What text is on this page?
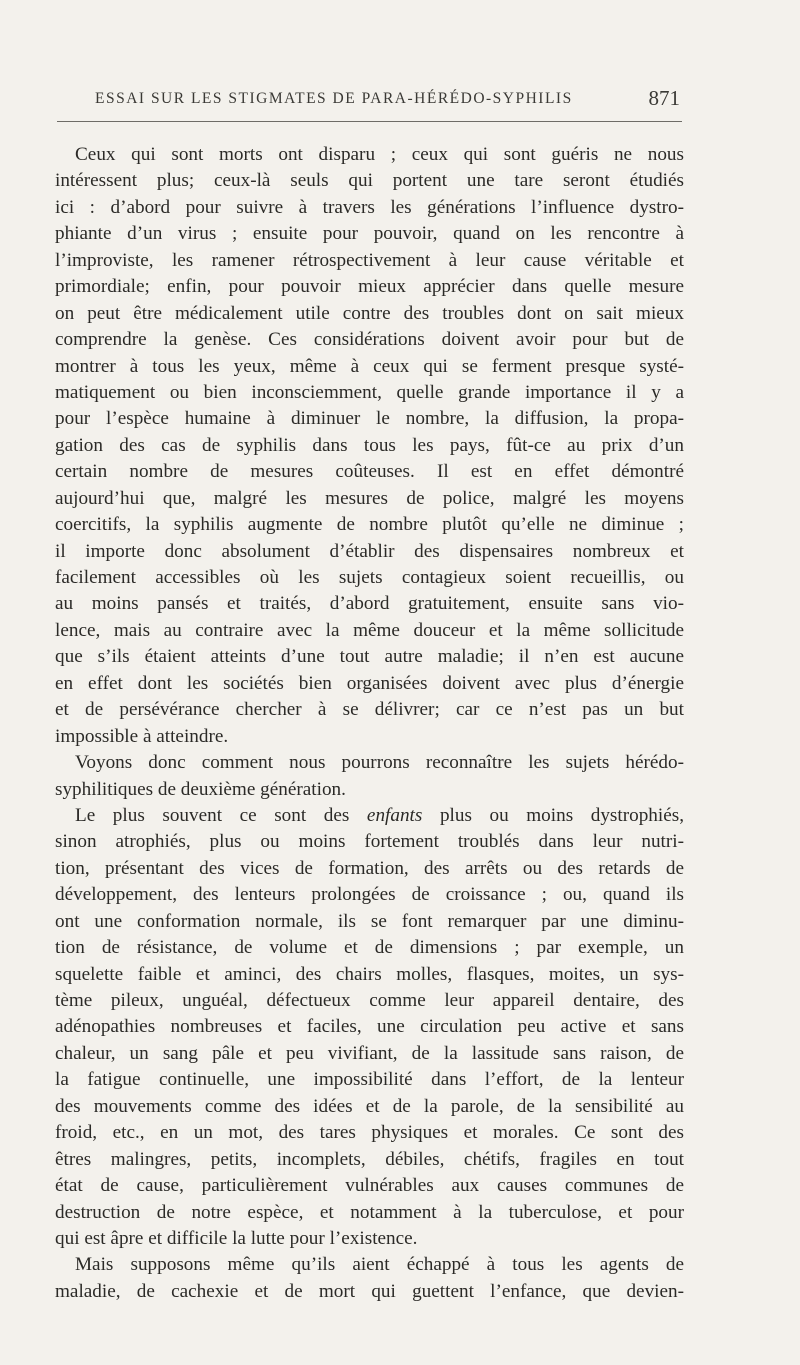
ESSAI SUR LES STIGMATES DE PARA-HÉRÉDO-SYPHILIS	871
Ceux qui sont morts ont disparu ; ceux qui sont guéris ne nous
intéressent plus; ceux-là seuls qui portent une tare seront étudiés
ici : d’abord pour suivre à travers les générations l’influence dystro-
phiante d’un virus ; ensuite pour pouvoir, quand on les rencontre à
l’improviste, les ramener rétrospectivement à leur cause véritable et
primordiale; enfin, pour pouvoir mieux apprécier dans quelle mesure
on peut être médicalement utile contre des troubles dont on sait mieux
comprendre la genèse. Ces considérations doivent avoir pour but de
montrer à tous les yeux, même à ceux qui se ferment presque systé-
matiquement ou bien inconsciemment, quelle grande importance il y a
pour l’espèce humaine à diminuer le nombre, la diffusion, la propa-
gation des cas de syphilis dans tous les pays, fût-ce au prix d’un
certain nombre de mesures coûteuses. Il est en effet démontré
aujourd’hui que, malgré les mesures de police, malgré les moyens
coercitifs, la syphilis augmente de nombre plutôt qu’elle ne diminue ;
il importe donc absolument d’établir des dispensaires nombreux et
facilement accessibles où les sujets contagieux soient recueillis, ou
au moins pansés et traités, d’abord gratuitement, ensuite sans vio-
lence, mais au contraire avec la même douceur et la même sollicitude
que s’ils étaient atteints d’une tout autre maladie; il n’en est aucune
en effet dont les sociétés bien organisées doivent avec plus d’énergie
et de persévérance chercher à se délivrer; car ce n’est pas un but
impossible à atteindre.
Voyons donc comment nous pourrons reconnaître les sujets hérédo-
syphilitiques de deuxième génération.
Le plus souvent ce sont des enfants plus ou moins dystrophiés,
sinon atrophiés, plus ou moins fortement troublés dans leur nutri-
tion, présentant des vices de formation, des arrêts ou des retards de
développement, des lenteurs prolongées de croissance ; ou, quand ils
ont une conformation normale, ils se font remarquer par une diminu-
tion de résistance, de volume et de dimensions ; par exemple, un
squelette faible et aminci, des chairs molles, flasques, moites, un sys-
tème pileux, unguéal, défectueux comme leur appareil dentaire, des
adénopathies nombreuses et faciles, une circulation peu active et sans
chaleur, un sang pâle et peu vivifiant, de la lassitude sans raison, de
la fatigue continuelle, une impossibilité dans l’effort, de la lenteur
des mouvements comme des idées et de la parole, de la sensibilité au
froid, etc., en un mot, des tares physiques et morales. Ce sont des
êtres malingres, petits, incomplets, débiles, chétifs, fragiles en tout
état de cause, particulièrement vulnérables aux causes communes de
destruction de notre espèce, et notamment à la tuberculose, et pour
qui est âpre et difficile la lutte pour l’existence.
Mais supposons même qu’ils aient échappé à tous les agents de
maladie, de cachexie et de mort qui guettent l’enfance, que devien-
